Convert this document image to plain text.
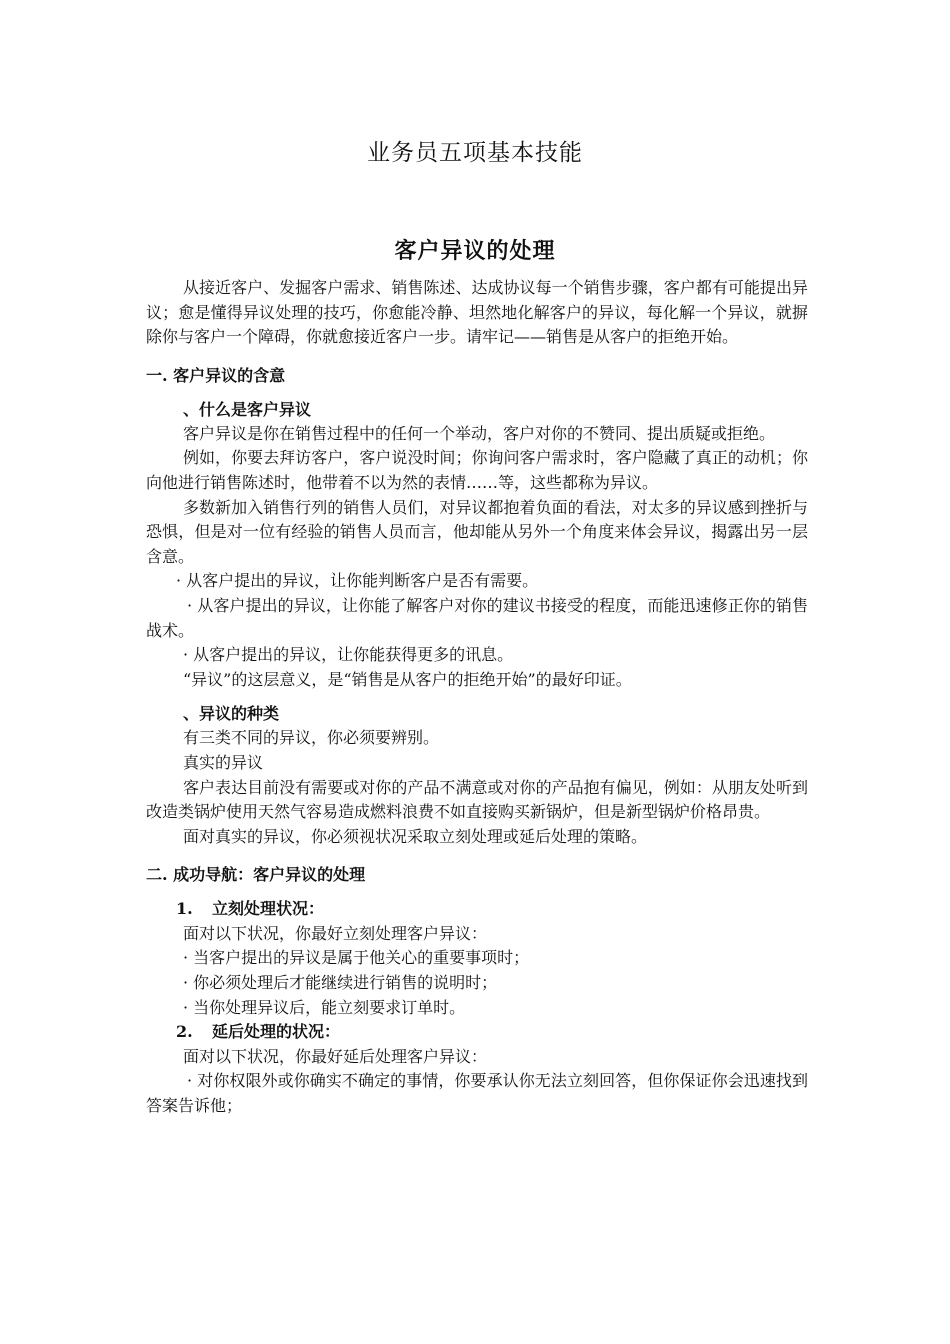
业务员五项基本技能
客户异议的处理

从接近客户、发掘客户需求、销售陈述、达成协议每一个销售步骤，客户都有可能提出异议；愈是懂得异议处理的技巧，你愈能冷静、坦然地化解客户的异议，每化解一个异议，就摒除你与客户一个障碍，你就愈接近客户一步。请牢记——销售是从客户的拒绝开始。

一. 客户异议的含意
、什么是客户异议

客户异议是你在销售过程中的任何一个举动，客户对你的不赞同、提出质疑或拒绝。

例如，你要去拜访客户，客户说没时间；你询问客户需求时，客户隐藏了真正的动机；你向他进行销售陈述时，他带着不以为然的表情……等，这些都称为异议。

多数新加入销售行列的销售人员们，对异议都抱着负面的看法，对太多的异议感到挫折与恐惧，但是对一位有经验的销售人员而言，他却能从另外一个角度来体会异议，揭露出另一层含意。

· 从客户提出的异议，让你能判断客户是否有需要。

· 从客户提出的异议，让你能了解客户对你的建议书接受的程度，而能迅速修正你的销售战术。

· 从客户提出的异议，让你能获得更多的讯息。

“异议”的这层意义，是“销售是从客户的拒绝开始”的最好印证。

、异议的种类

有三类不同的异议，你必须要辨别。

真实的异议

客户表达目前没有需要或对你的产品不满意或对你的产品抱有偏见，例如：从朋友处听到改造类锅炉使用天然气容易造成燃料浪费不如直接购买新锅炉，但是新型锅炉价格昂贵。

面对真实的异议，你必须视状况采取立刻处理或延后处理的策略。

二. 成功导航：客户异议的处理

1. 立刻处理状况：

面对以下状况，你最好立刻处理客户异议：

· 当客户提出的异议是属于他关心的重要事项时；

· 你必须处理后才能继续进行销售的说明时；

· 当你处理异议后，能立刻要求订单时。

2. 延后处理的状况：

面对以下状况，你最好延后处理客户异议：

· 对你权限外或你确实不确定的事情，你要承认你无法立刻回答，但你保证你会迅速找到答案告诉他；
